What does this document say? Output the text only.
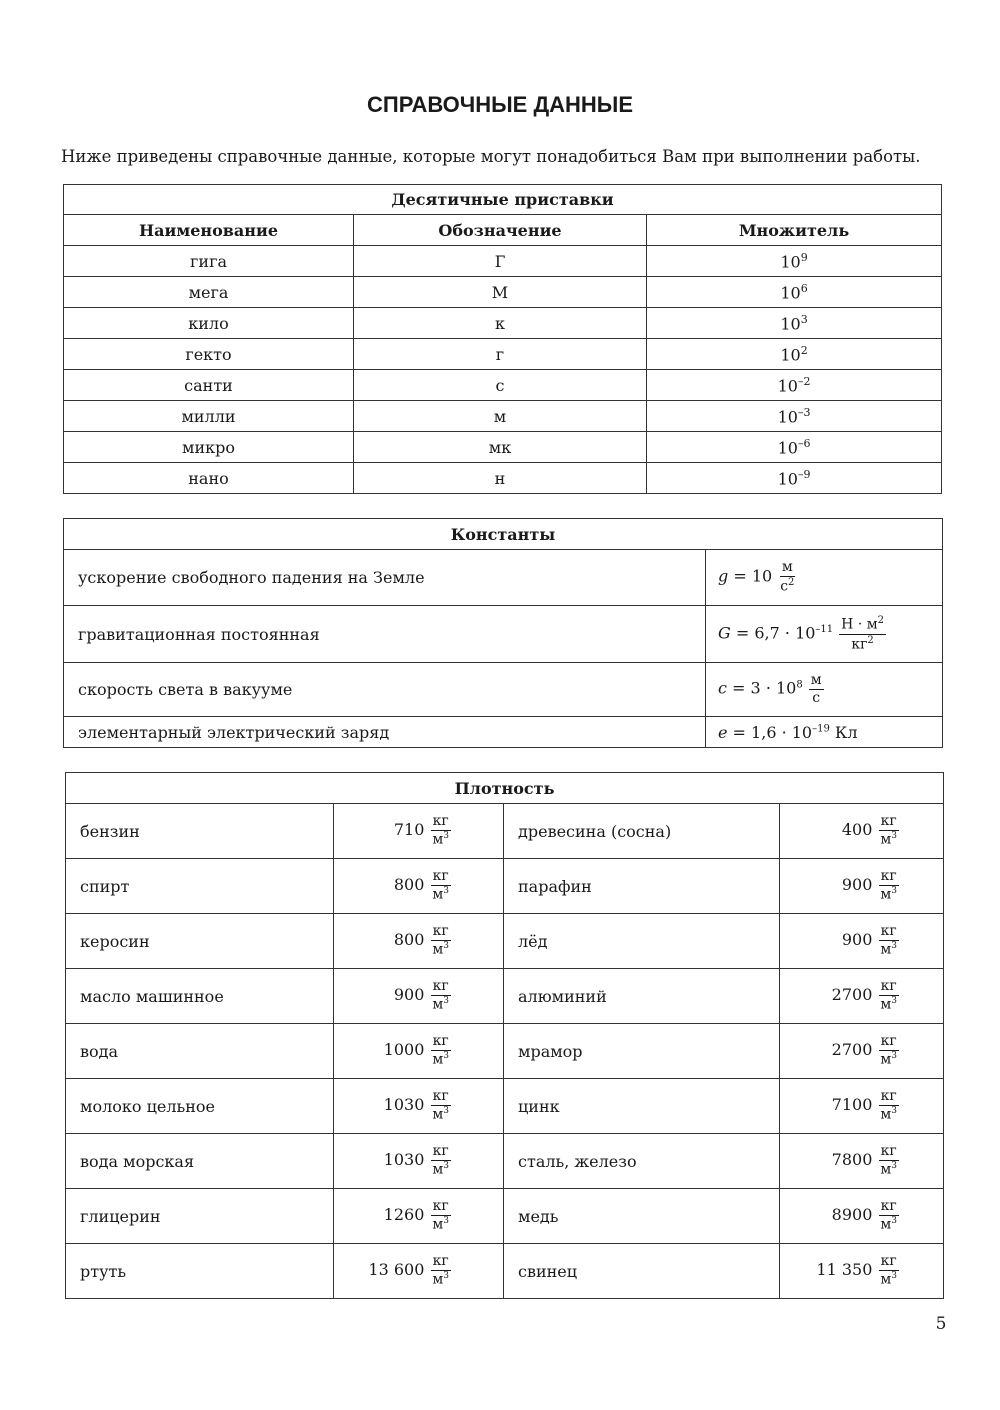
СПРАВОЧНЫЕ ДАННЫЕ
Ниже приведены справочные данные, которые могут понадобиться Вам при выполнении работы.
Десятичные приставки		
Наименование	Обозначение	Множитель
гига	Г	$10^9$
мега	М	$10^6$
кило	к	$10^3$
гекто	г	$10^2$
санти	с	$10^{-2}$
милли	м	$10^{-3}$
микро	мк	$10^{-6}$
нано	н	$10^{-9}$
Константы	
ускорение свободного падения на Земле	$g = 10 \frac{м}{с^2}$

гравитационная постоянная	$G = 6,7 \cdot 10^{-11} \frac{Н \cdot м^2}{кг^2}$

скорость света в вакууме	$c = 3 \cdot 10^8 \frac{м}{с}$

элементарный электрический заряд	$e = 1,6 \cdot 10^{-19}$ Кл
Плотность			
бензин	$710 \frac{кг}{м^3}$	древесина (сосна)	$400 \frac{кг}{м^3}$

спирт	$800 \frac{кг}{м^3}$	парафин	$900 \frac{кг}{м^3}$

керосин	$800 \frac{кг}{м^3}$	лёд	$900 \frac{кг}{м^3}$

масло машинное	$900 \frac{кг}{м^3}$	алюминий	$2700 \frac{кг}{м^3}$

вода	$1000 \frac{кг}{м^3}$	мрамор	$2700 \frac{кг}{м^3}$

молоко цельное	$1030 \frac{кг}{м^3}$	цинк	$7100 \frac{кг}{м^3}$

вода морская	$1030 \frac{кг}{м^3}$	сталь, железо	$7800 \frac{кг}{м^3}$

глицерин	$1260 \frac{кг}{м^3}$	медь	$8900 \frac{кг}{м^3}$

ртуть	13 $600 \frac{кг}{м^3}$	свинец	11 $350 \frac{кг}{м^3}$
5
